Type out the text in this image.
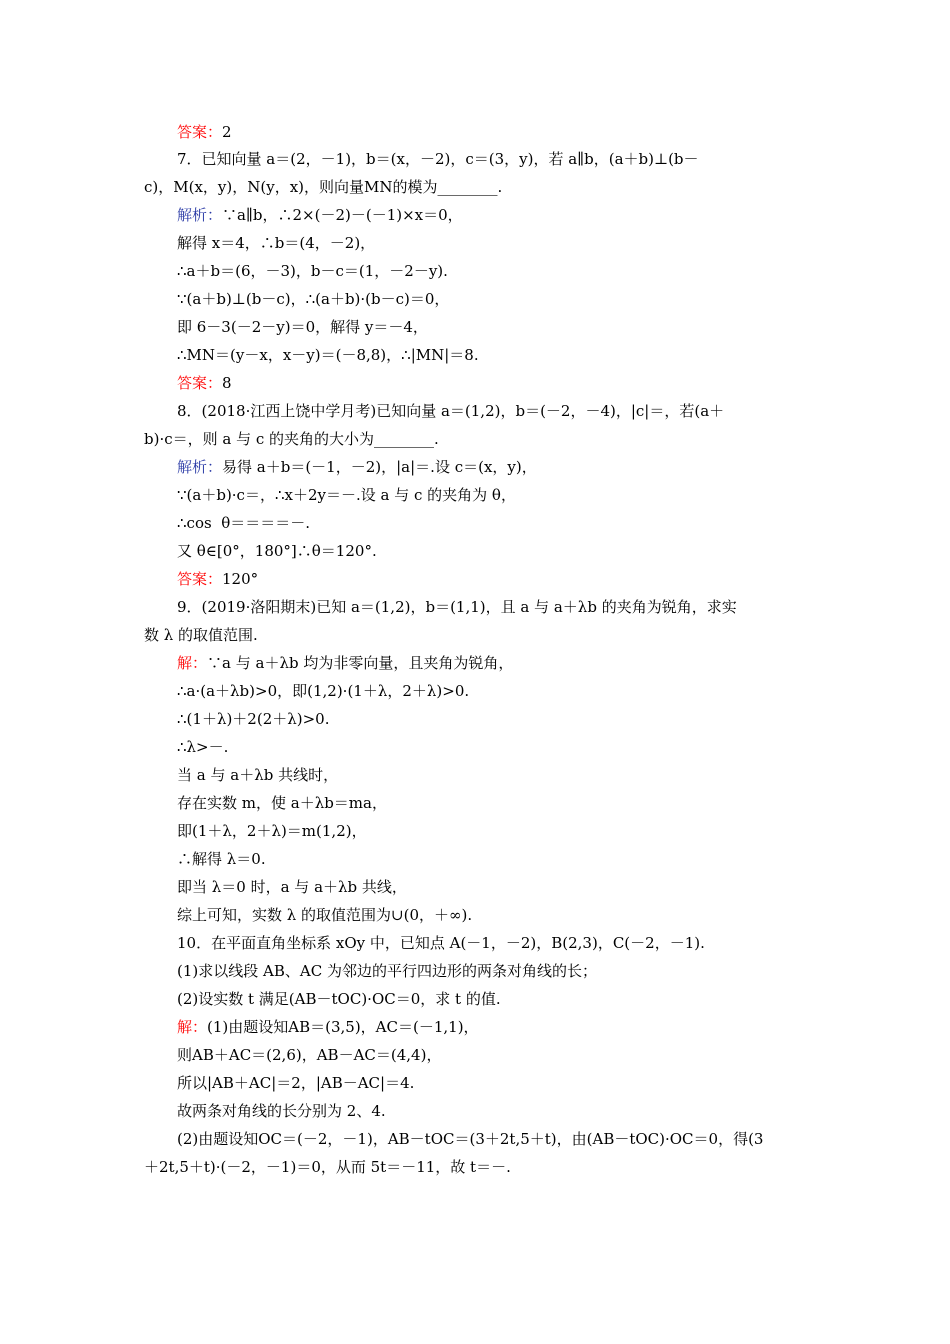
答案：2
7．已知向量 a＝(2，－1)，b＝(x，－2)，c＝(3，y)，若 a∥b，(a＋b)⊥(b－
c)，M(x，y)，N(y，x)，则向量MN的模为________.
解析：∵a∥b，∴2×(－2)－(－1)×x＝0，
解得 x＝4，∴b＝(4，－2)，
∴a＋b＝(6，－3)，b－c＝(1，－2－y).
∵(a＋b)⊥(b－c)，∴(a＋b)·(b－c)＝0，
即 6－3(－2－y)＝0，解得 y＝－4，
∴MN＝(y－x，x－y)＝(－8,8)，∴|MN|＝8.
答案：8
8．(2018·江西上饶中学月考)已知向量 a＝(1,2)，b＝(－2，－4)，|c|＝，若(a＋
b)·c＝，则 a 与 c 的夹角的大小为________.
解析：易得 a＋b＝(－1，－2)，|a|＝.设 c＝(x，y)，
∵(a＋b)·c＝，∴x＋2y＝－.设 a 与 c 的夹角为 θ，
∴cos  θ＝＝＝＝－.
又 θ∈[0°，180°]∴θ＝120°.
答案：120°
9．(2019·洛阳期末)已知 a＝(1,2)，b＝(1,1)，且 a 与 a＋λb 的夹角为锐角，求实
数 λ 的取值范围.
解：∵a 与 a＋λb 均为非零向量，且夹角为锐角，
∴a·(a＋λb)>0，即(1,2)·(1＋λ，2＋λ)>0.
∴(1＋λ)＋2(2＋λ)>0.
∴λ>－.
当 a 与 a＋λb 共线时，
存在实数 m，使 a＋λb＝ma，
即(1＋λ，2＋λ)＝m(1,2)，
∴解得 λ＝0.
即当 λ＝0 时，a 与 a＋λb 共线，
综上可知，实数 λ 的取值范围为∪(0，＋∞).
10．在平面直角坐标系 xOy 中，已知点 A(－1，－2)，B(2,3)，C(－2，－1).
(1)求以线段 AB、AC 为邻边的平行四边形的两条对角线的长；
(2)设实数 t 满足(AB－tOC)·OC＝0，求 t 的值.
解：(1)由题设知AB＝(3,5)，AC＝(－1,1)，
则AB＋AC＝(2,6)，AB－AC＝(4,4)，
所以|AB＋AC|＝2，|AB－AC|＝4.
故两条对角线的长分别为 2、4.
(2)由题设知OC＝(－2，－1)，AB－tOC＝(3＋2t,5＋t)，由(AB－tOC)·OC＝0，得(3
＋2t,5＋t)·(－2，－1)＝0，从而 5t＝－11，故 t＝－.
